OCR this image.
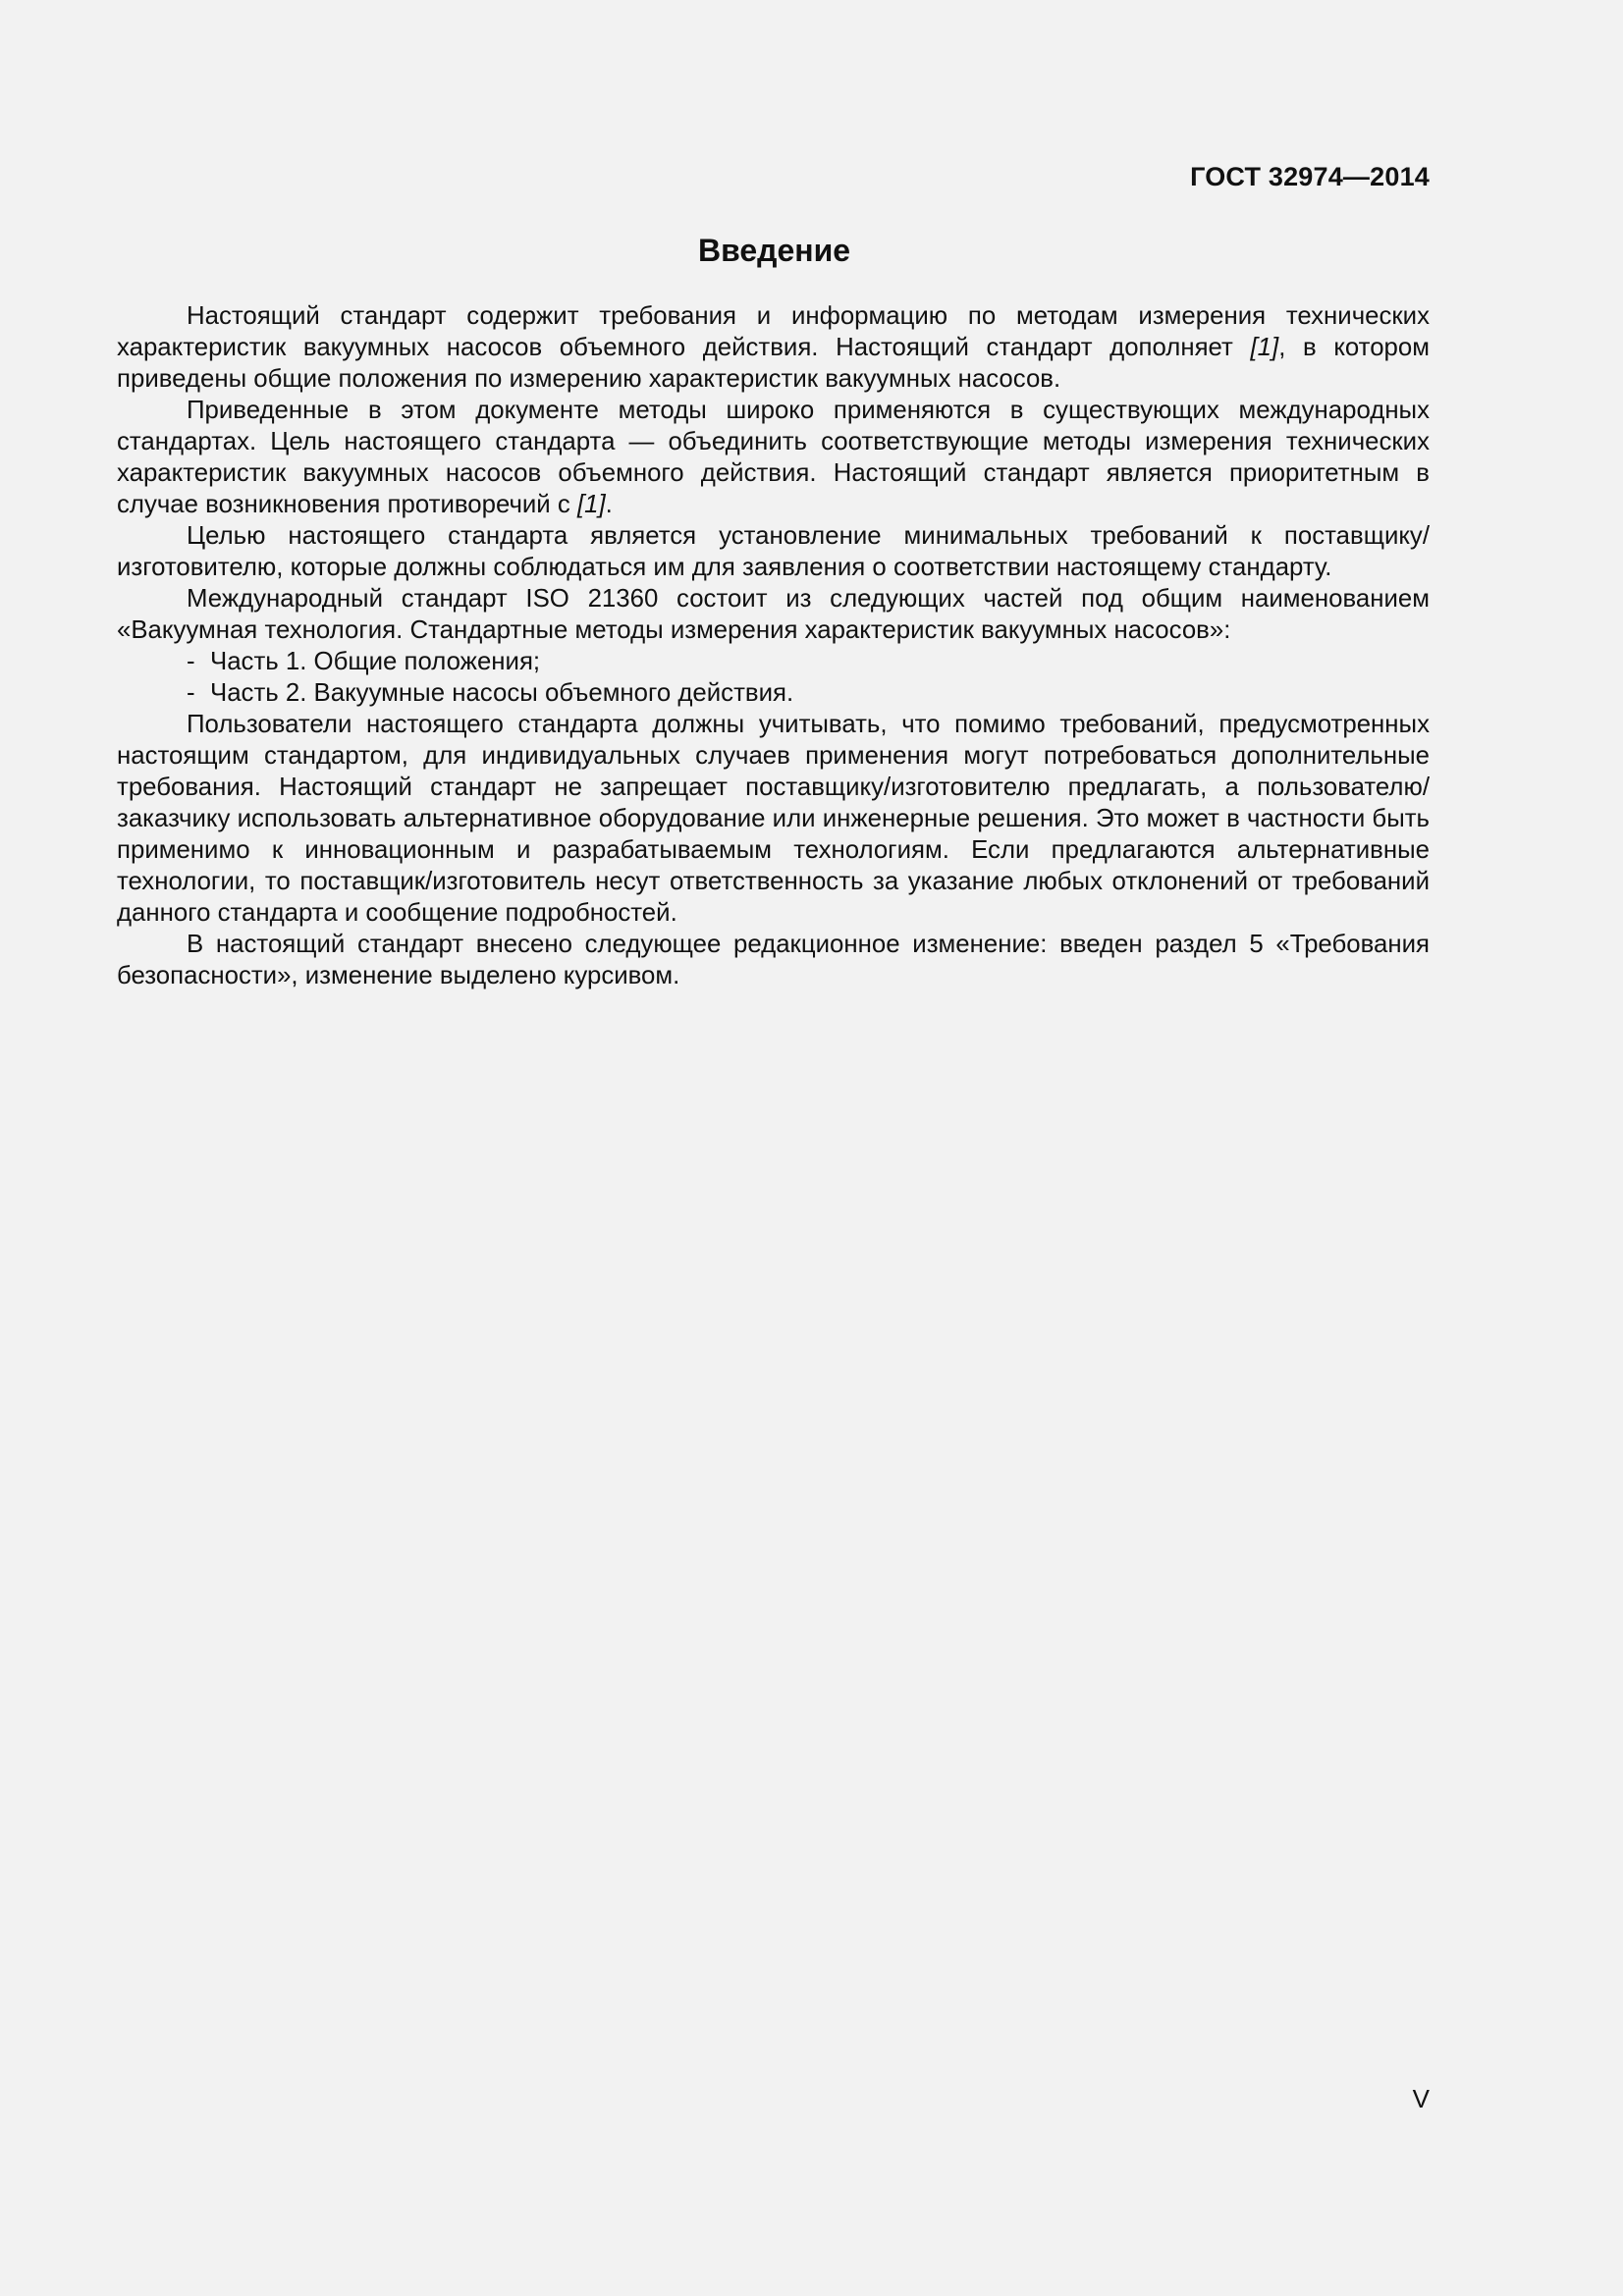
ГОСТ 32974—2014
Введение

Настоящий стандарт содержит требования и информацию по методам измерения технических характеристик вакуумных насосов объемного действия. Настоящий стандарт дополняет [1], в котором приведены общие положения по измерению характеристик вакуумных насосов.

Приведенные в этом документе методы широко применяются в существующих международных стандартах. Цель настоящего стандарта — объединить соответствующие методы измерения технических характеристик вакуумных насосов объемного действия. Настоящий стандарт является приоритетным в случае возникновения противоречий с [1].

Целью настоящего стандарта является установление минимальных требований к поставщику/изготовителю, которые должны соблюдаться им для заявления о соответствии настоящему стандарту.

Международный стандарт ISO 21360 состоит из следующих частей под общим наименованием «Вакуумная технология. Стандартные методы измерения характеристик вакуумных насосов»:

- Часть 1. Общие положения;
- Часть 2. Вакуумные насосы объемного действия.

Пользователи настоящего стандарта должны учитывать, что помимо требований, предусмотренных настоящим стандартом, для индивидуальных случаев применения могут потребоваться дополнительные требования. Настоящий стандарт не запрещает поставщику/изготовителю предлагать, а пользователю/заказчику использовать альтернативное оборудование или инженерные решения. Это может в частности быть применимо к инновационным и разрабатываемым технологиям. Если предлагаются альтернативные технологии, то поставщик/изготовитель несут ответственность за указание любых отклонений от требований данного стандарта и сообщение подробностей.

В настоящий стандарт внесено следующее редакционное изменение: введен раздел 5 «Требования безопасности», изменение выделено курсивом.

V
